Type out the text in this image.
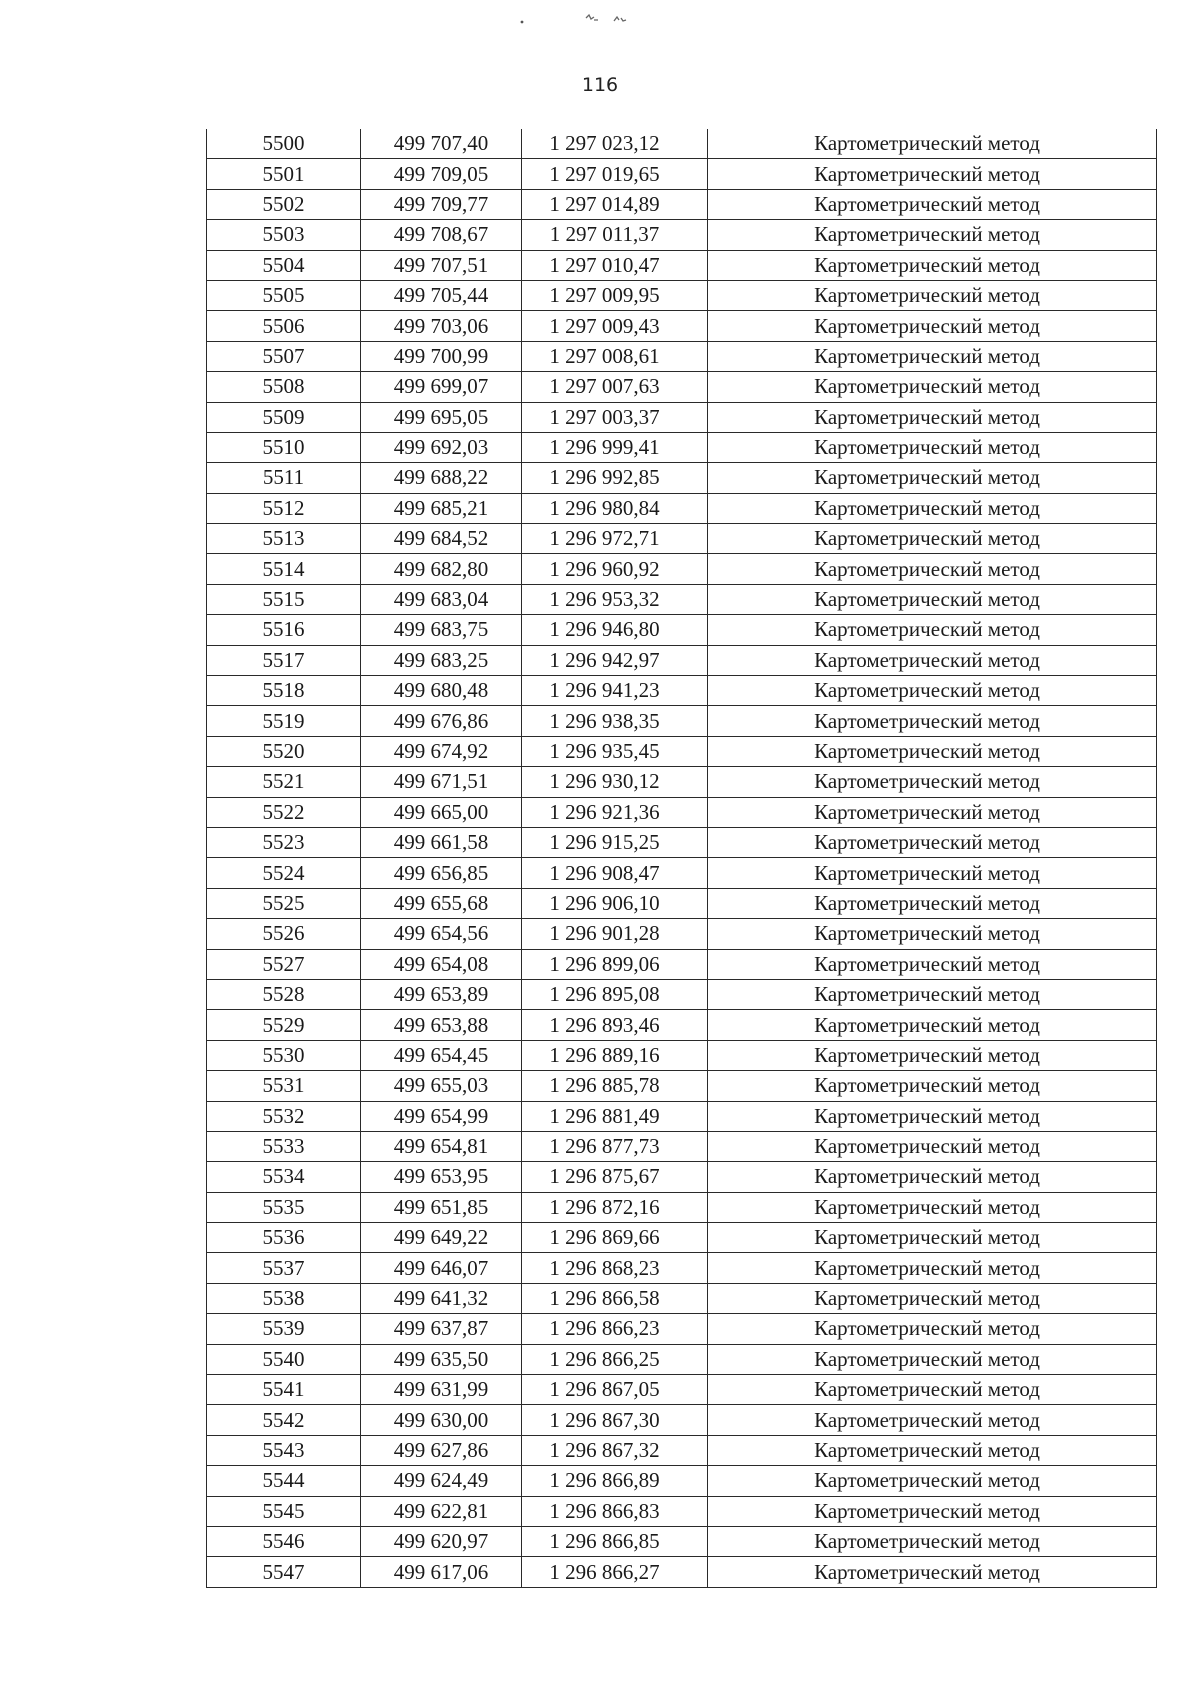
116
5500	499 707,40	1 297 023,12	Картометрический метод
5501	499 709,05	1 297 019,65	Картометрический метод
5502	499 709,77	1 297 014,89	Картометрический метод
5503	499 708,67	1 297 011,37	Картометрический метод
5504	499 707,51	1 297 010,47	Картометрический метод
5505	499 705,44	1 297 009,95	Картометрический метод
5506	499 703,06	1 297 009,43	Картометрический метод
5507	499 700,99	1 297 008,61	Картометрический метод
5508	499 699,07	1 297 007,63	Картометрический метод
5509	499 695,05	1 297 003,37	Картометрический метод
5510	499 692,03	1 296 999,41	Картометрический метод
5511	499 688,22	1 296 992,85	Картометрический метод
5512	499 685,21	1 296 980,84	Картометрический метод
5513	499 684,52	1 296 972,71	Картометрический метод
5514	499 682,80	1 296 960,92	Картометрический метод
5515	499 683,04	1 296 953,32	Картометрический метод
5516	499 683,75	1 296 946,80	Картометрический метод
5517	499 683,25	1 296 942,97	Картометрический метод
5518	499 680,48	1 296 941,23	Картометрический метод
5519	499 676,86	1 296 938,35	Картометрический метод
5520	499 674,92	1 296 935,45	Картометрический метод
5521	499 671,51	1 296 930,12	Картометрический метод
5522	499 665,00	1 296 921,36	Картометрический метод
5523	499 661,58	1 296 915,25	Картометрический метод
5524	499 656,85	1 296 908,47	Картометрический метод
5525	499 655,68	1 296 906,10	Картометрический метод
5526	499 654,56	1 296 901,28	Картометрический метод
5527	499 654,08	1 296 899,06	Картометрический метод
5528	499 653,89	1 296 895,08	Картометрический метод
5529	499 653,88	1 296 893,46	Картометрический метод
5530	499 654,45	1 296 889,16	Картометрический метод
5531	499 655,03	1 296 885,78	Картометрический метод
5532	499 654,99	1 296 881,49	Картометрический метод
5533	499 654,81	1 296 877,73	Картометрический метод
5534	499 653,95	1 296 875,67	Картометрический метод
5535	499 651,85	1 296 872,16	Картометрический метод
5536	499 649,22	1 296 869,66	Картометрический метод
5537	499 646,07	1 296 868,23	Картометрический метод
5538	499 641,32	1 296 866,58	Картометрический метод
5539	499 637,87	1 296 866,23	Картометрический метод
5540	499 635,50	1 296 866,25	Картометрический метод
5541	499 631,99	1 296 867,05	Картометрический метод
5542	499 630,00	1 296 867,30	Картометрический метод
5543	499 627,86	1 296 867,32	Картометрический метод
5544	499 624,49	1 296 866,89	Картометрический метод
5545	499 622,81	1 296 866,83	Картометрический метод
5546	499 620,97	1 296 866,85	Картометрический метод
5547	499 617,06	1 296 866,27	Картометрический метод
